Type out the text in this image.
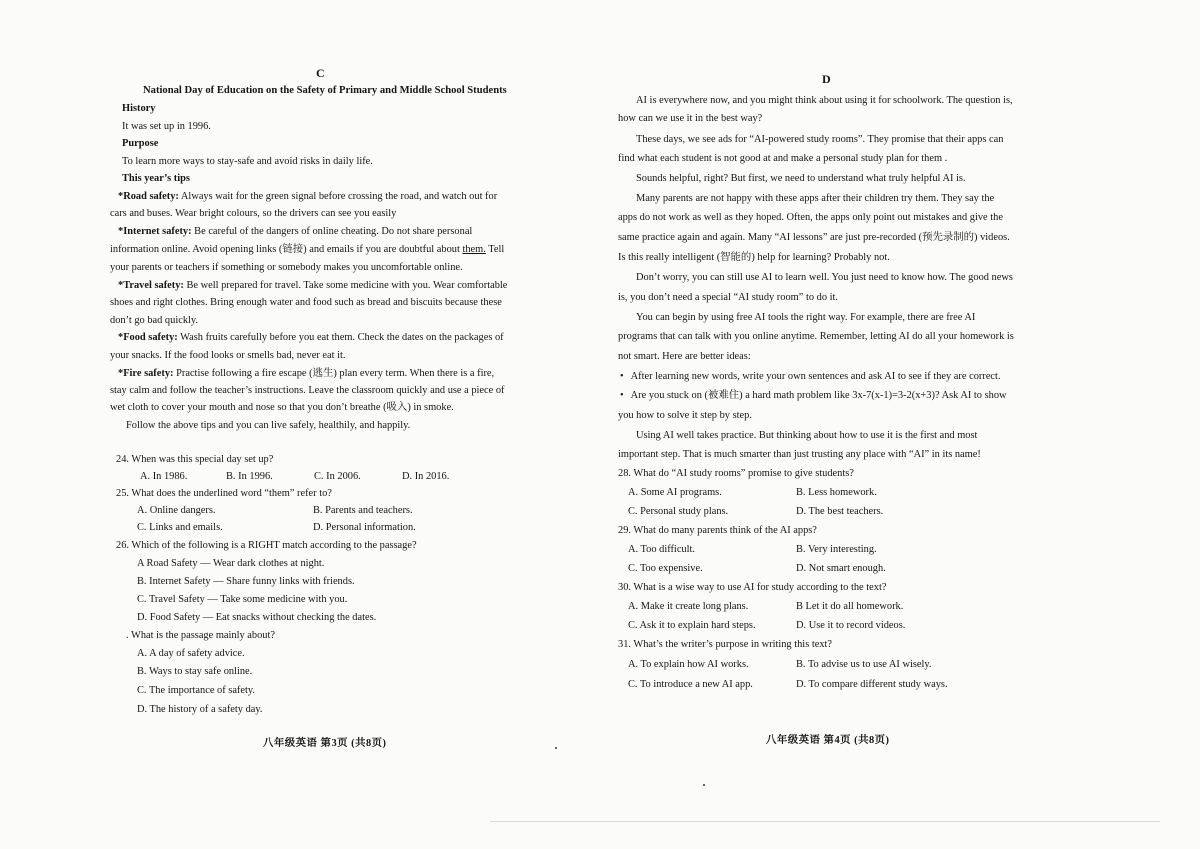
C
National Day of Education on the Safety of Primary and Middle School Students
History
It was set up in 1996.
Purpose
To learn more ways to stay-safe and avoid risks in daily life.
This year’s tips
*Road safety: Always wait for the green signal before crossing the road, and watch out for
cars and buses. Wear bright colours, so the drivers can see you easily
*Internet safety: Be careful of the dangers of online cheating. Do not share personal
information online. Avoid opening links (链接) and emails if you are doubtful about them. Tell
your parents or teachers if something or somebody makes you uncomfortable online.
*Travel safety: Be well prepared for travel. Take some medicine with you. Wear comfortable
shoes and right clothes. Bring enough water and food such as bread and biscuits because these
don’t go bad quickly.
*Food safety: Wash fruits carefully before you eat them. Check the dates on the packages of
your snacks. If the food looks or smells bad, never eat it.
*Fire safety: Practise following a fire escape (逃生) plan every term. When there is a fire,
stay calm and follow the teacher’s instructions. Leave the classroom quickly and use a piece of
wet cloth to cover your mouth and nose so that you don’t breathe (吸入) in smoke.
Follow the above tips and you can live safely, healthily, and happily.
24. When was this special day set up?
A. In 1986.	B. In 1996.	C. In 2006.	D. In 2016.
25. What does the underlined word “them” refer to?
A. Online dangers.	B. Parents and teachers.
C. Links and emails.	D. Personal information.
26. Which of the following is a RIGHT match according to the passage?
A Road Safety — Wear dark clothes at night.
B. Internet Safety — Share funny links with friends.
C. Travel Safety — Take some medicine with you.
D. Food Safety — Eat snacks without checking the dates.
. What is the passage mainly about?
A. A day of safety advice.
B. Ways to stay safe online.
C. The importance of safety.
D. The history of a safety day.
八年级英语 第3页 (共8页)
D
AI is everywhere now, and you might think about using it for schoolwork. The question is,
how can we use it in the best way?
These days, we see ads for “AI-powered study rooms”. They promise that their apps can
find what each student is not good at and make a personal study plan for them .
Sounds helpful, right? But first, we need to understand what truly helpful AI is.
Many parents are not happy with these apps after their children try them. They say the
apps do not work as well as they hoped. Often, the apps only point out mistakes and give the
same practice again and again. Many “AI lessons” are just pre-recorded (预先录制的) videos.
Is this really intelligent (智能的) help for learning? Probably not.
Don’t worry, you can still use AI to learn well. You just need to know how. The good news
is, you don’t need a special “AI study room” to do it.
You can begin by using free AI tools the right way. For example, there are free AI
programs that can talk with you online anytime. Remember, letting AI do all your homework is
not smart. Here are better ideas:
• After learning new words, write your own sentences and ask AI to see if they are correct.
• Are you stuck on (被难住) a hard math problem like 3x-7(x-1)=3-2(x+3)? Ask AI to show
you how to solve it step by step.
Using AI well takes practice. But thinking about how to use it is the first and most
important step. That is much smarter than just trusting any place with “AI” in its name!
28. What do “AI study rooms” promise to give students?
A. Some AI programs.	B. Less homework.
C. Personal study plans.	D. The best teachers.
29. What do many parents think of the AI apps?
A. Too difficult.	B. Very interesting.
C. Too expensive.	D. Not smart enough.
30. What is a wise way to use AI for study according to the text?
A. Make it create long plans.	B Let it do all homework.
C. Ask it to explain hard steps.	D. Use it to record videos.
31. What’s the writer’s purpose in writing this text?
A. To explain how AI works.	B. To advise us to use AI wisely.
C. To introduce a new AI app.	D. To compare different study ways.
八年级英语 第4页 (共8页)
